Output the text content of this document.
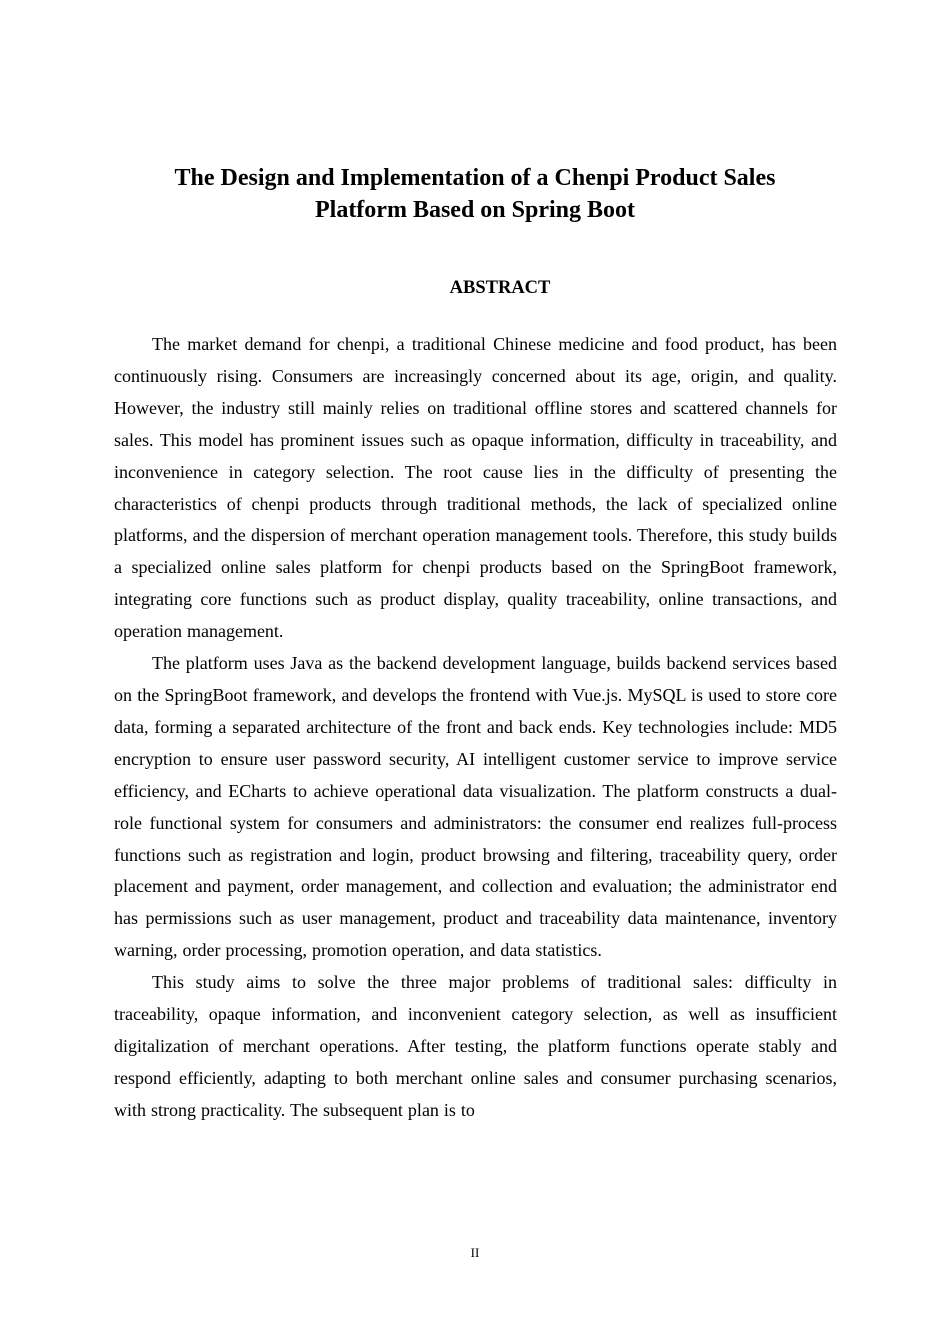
The Design and Implementation of a Chenpi Product Sales
Platform Based on Spring Boot
ABSTRACT

The market demand for chenpi, a traditional Chinese medicine and food product, has been continuously rising. Consumers are increasingly concerned about its age, origin, and quality. However, the industry still mainly relies on traditional offline stores and scattered channels for sales. This model has prominent issues such as opaque information, difficulty in traceability, and inconvenience in category selection. The root cause lies in the difficulty of presenting the characteristics of chenpi products through traditional methods, the lack of specialized online platforms, and the dispersion of merchant operation management tools. Therefore, this study builds a specialized online sales platform for chenpi products based on the SpringBoot framework, integrating core functions such as product display, quality traceability, online transactions, and operation management.

The platform uses Java as the backend development language, builds backend services based on the SpringBoot framework, and develops the frontend with Vue.js. MySQL is used to store core data, forming a separated architecture of the front and back ends. Key technologies include: MD5 encryption to ensure user password security, AI intelligent customer service to improve service efficiency, and ECharts to achieve operational data visualization. The platform constructs a dual-role functional system for consumers and administrators: the consumer end realizes full-process functions such as registration and login, product browsing and filtering, traceability query, order placement and payment, order management, and collection and evaluation; the administrator end has permissions such as user management, product and traceability data maintenance, inventory warning, order processing, promotion operation, and data statistics.

This study aims to solve the three major problems of traditional sales: difficulty in traceability, opaque information, and inconvenient category selection, as well as insufficient digitalization of merchant operations. After testing, the platform functions operate stably and respond efficiently, adapting to both merchant online sales and consumer purchasing scenarios, with strong practicality. The subsequent plan is to

II
